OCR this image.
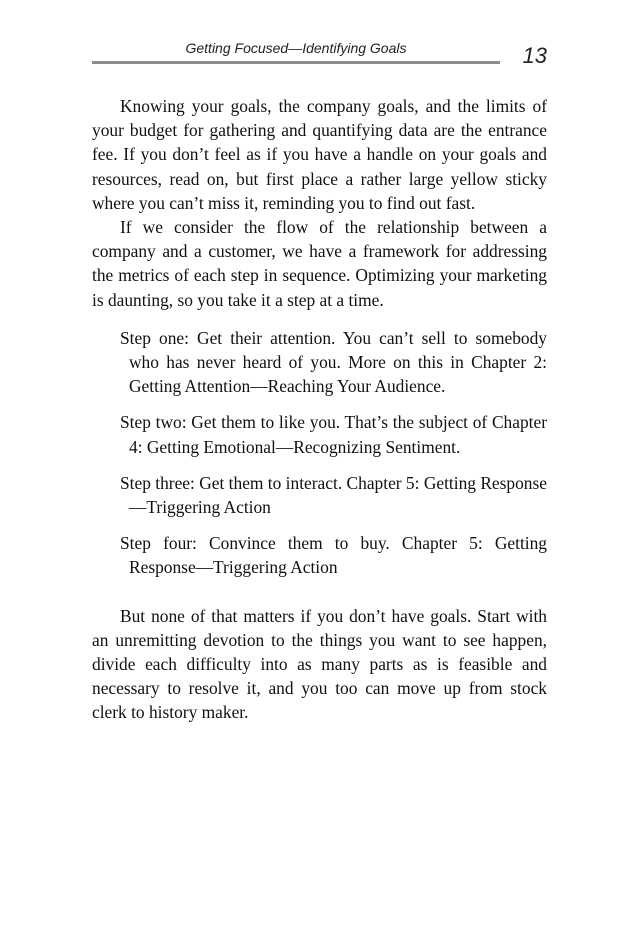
Getting Focused—Identifying Goals	13

Knowing your goals, the company goals, and the limits of your budget for gathering and quantifying data are the entrance fee. If you don’t feel as if you have a handle on your goals and resources, read on, but first place a rather large yellow sticky where you can’t miss it, reminding you to find out fast.

If we consider the flow of the relationship between a company and a customer, we have a framework for addressing the metrics of each step in sequence. Optimizing your marketing is daunting, so you take it a step at a time.

Step one: Get their attention. You can’t sell to somebody who has never heard of you. More on this in Chapter 2: Getting Attention—Reaching Your Audience.
Step two: Get them to like you. That’s the subject of Chapter 4: Getting Emotional—Recognizing Sentiment.
Step three: Get them to interact. Chapter 5: Getting Response—Triggering Action
Step four: Convince them to buy. Chapter 5: Getting Response—Triggering Action

But none of that matters if you don’t have goals. Start with an unremitting devotion to the things you want to see happen, divide each difficulty into as many parts as is feasible and necessary to resolve it, and you too can move up from stock clerk to history maker.
